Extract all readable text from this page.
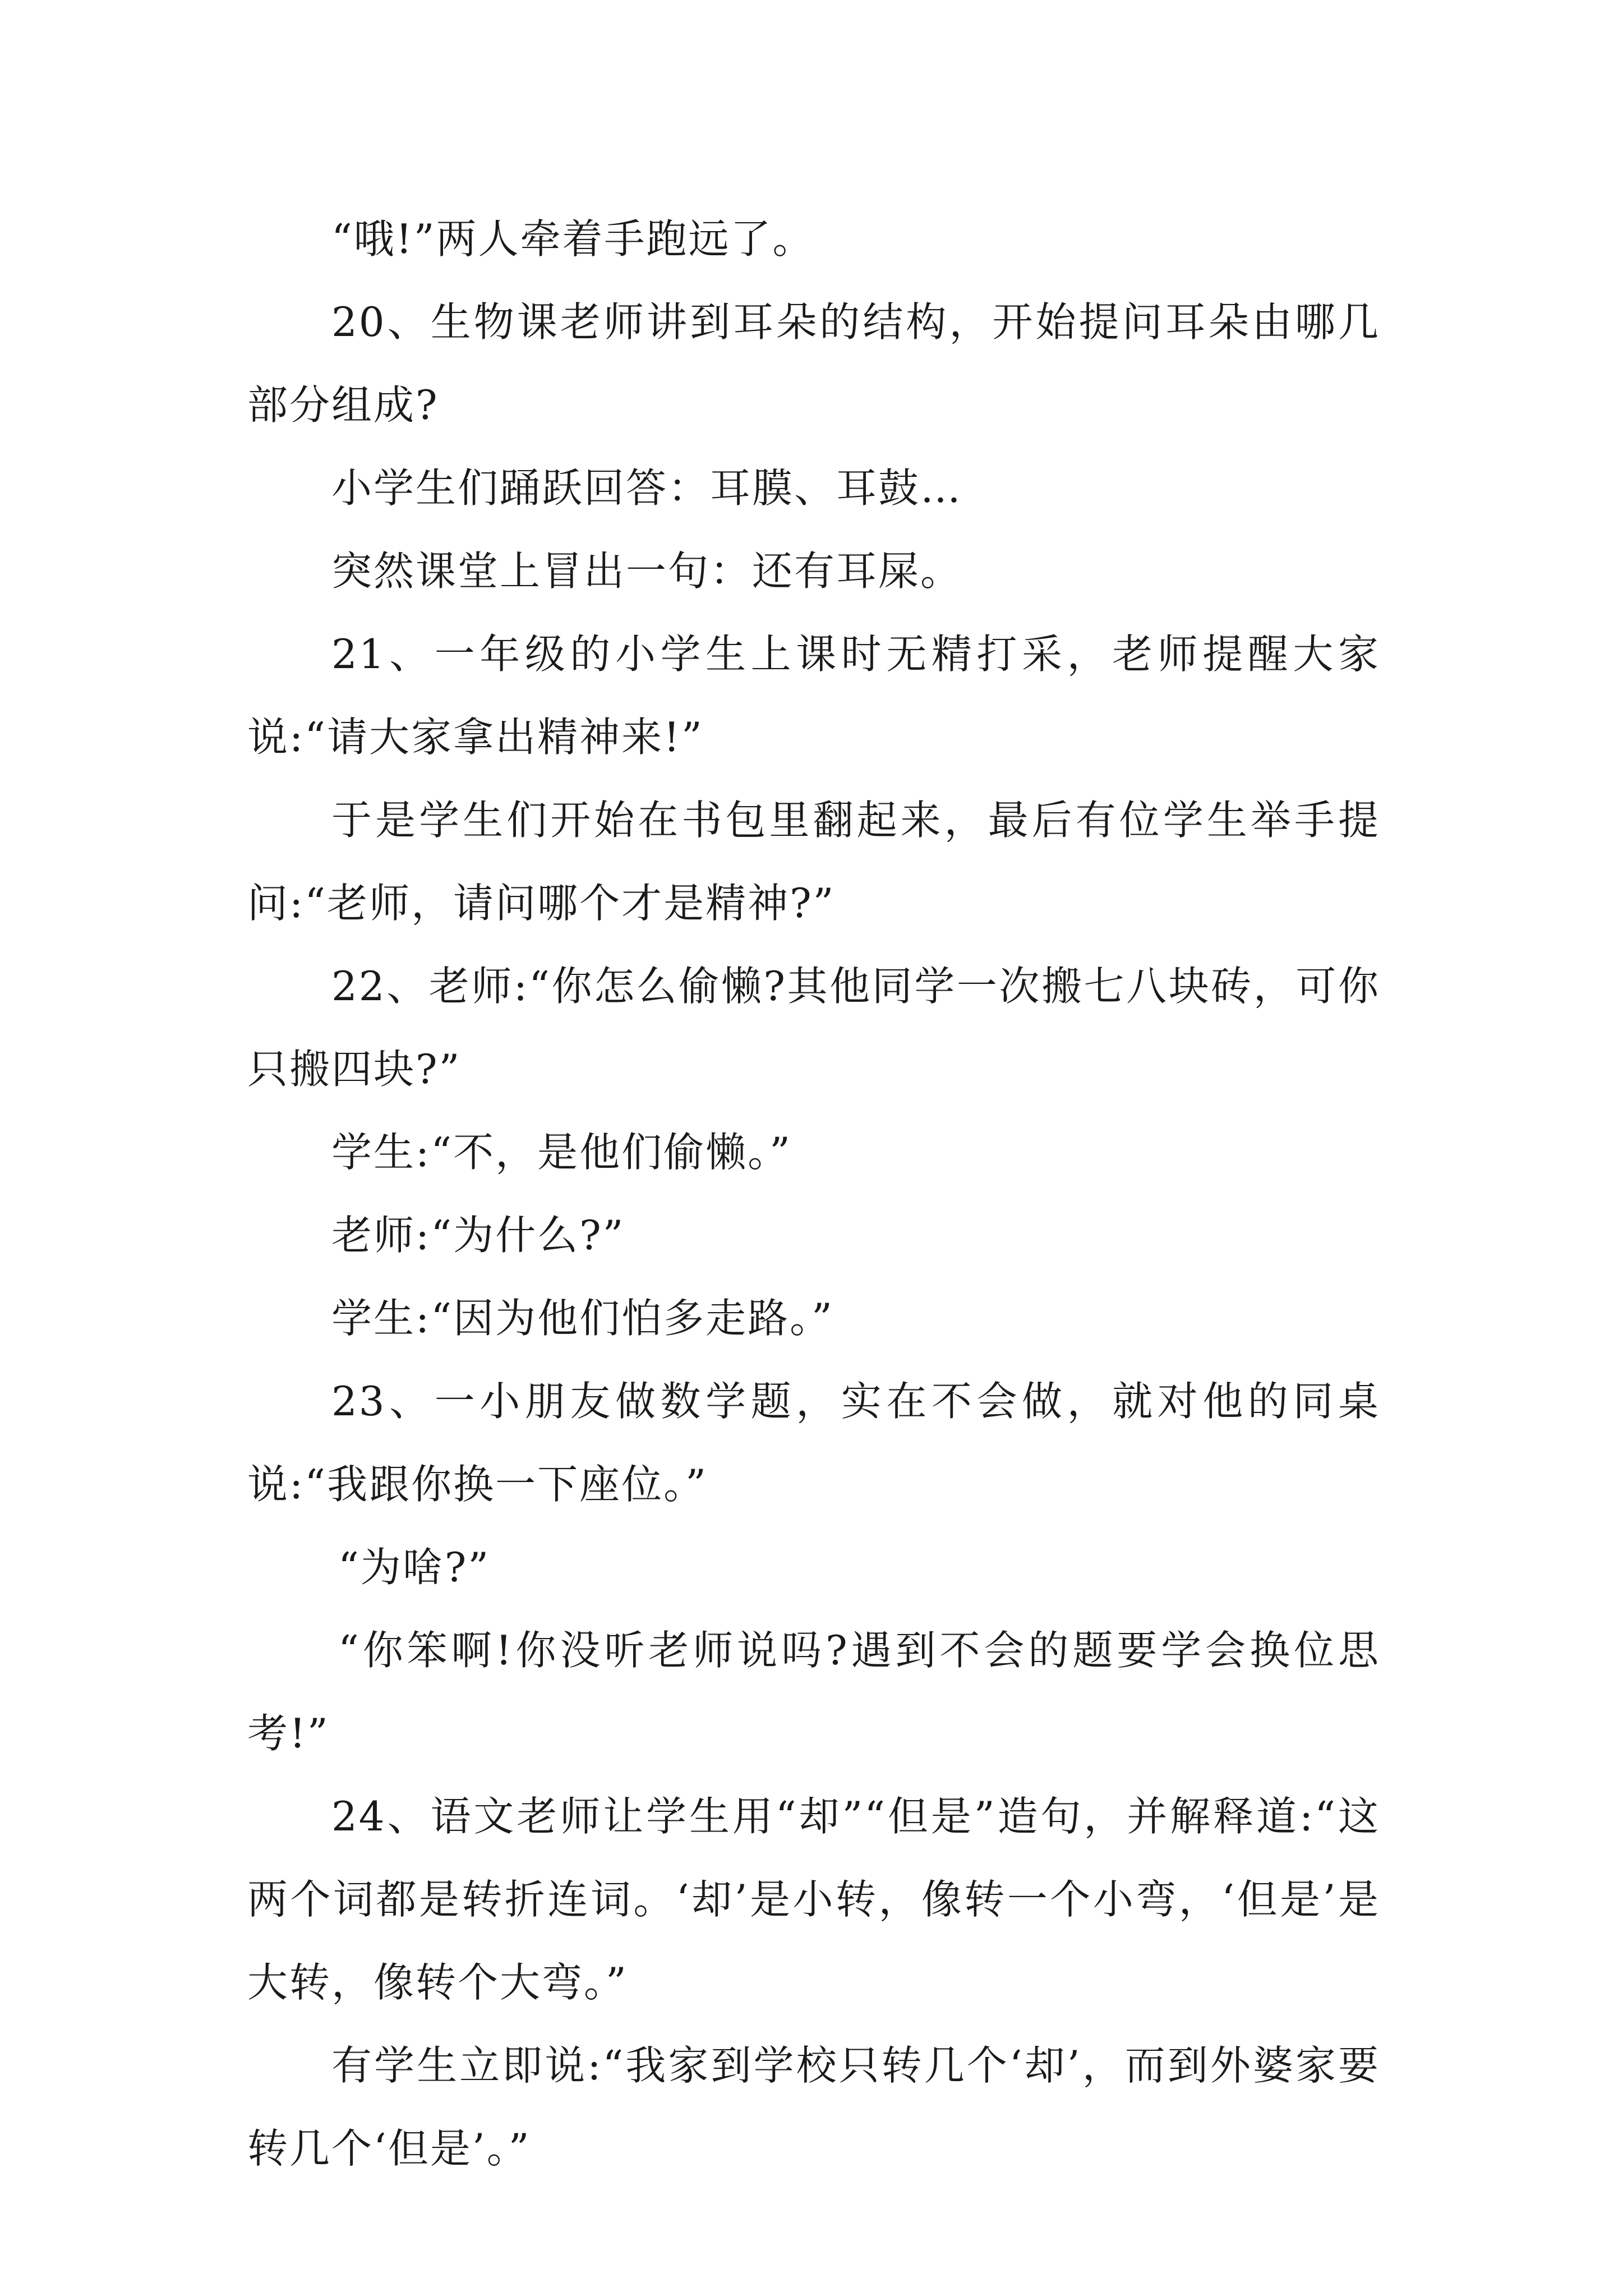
“哦!”两人牵着手跑远了。

20、生物课老师讲到耳朵的结构，开始提问耳朵由哪几部分组成?

小学生们踊跃回答：耳膜、耳鼓…

突然课堂上冒出一句：还有耳屎。

21、一年级的小学生上课时无精打采，老师提醒大家说:“请大家拿出精神来!”

于是学生们开始在书包里翻起来，最后有位学生举手提问:“老师，请问哪个才是精神?”

22、老师:“你怎么偷懒?其他同学一次搬七八块砖，可你只搬四块?”

学生:“不，是他们偷懒。”

老师:“为什么?”

学生:“因为他们怕多走路。”

23、一小朋友做数学题，实在不会做，就对他的同桌说:“我跟你换一下座位。”

“为啥?”

“你笨啊!你没听老师说吗?遇到不会的题要学会换位思考!”

24、语文老师让学生用“却”“但是”造句，并解释道:“这两个词都是转折连词。‘却’是小转，像转一个小弯，‘但是’是大转，像转个大弯。”

有学生立即说:“我家到学校只转几个‘却’，而到外婆家要转几个‘但是’。”
